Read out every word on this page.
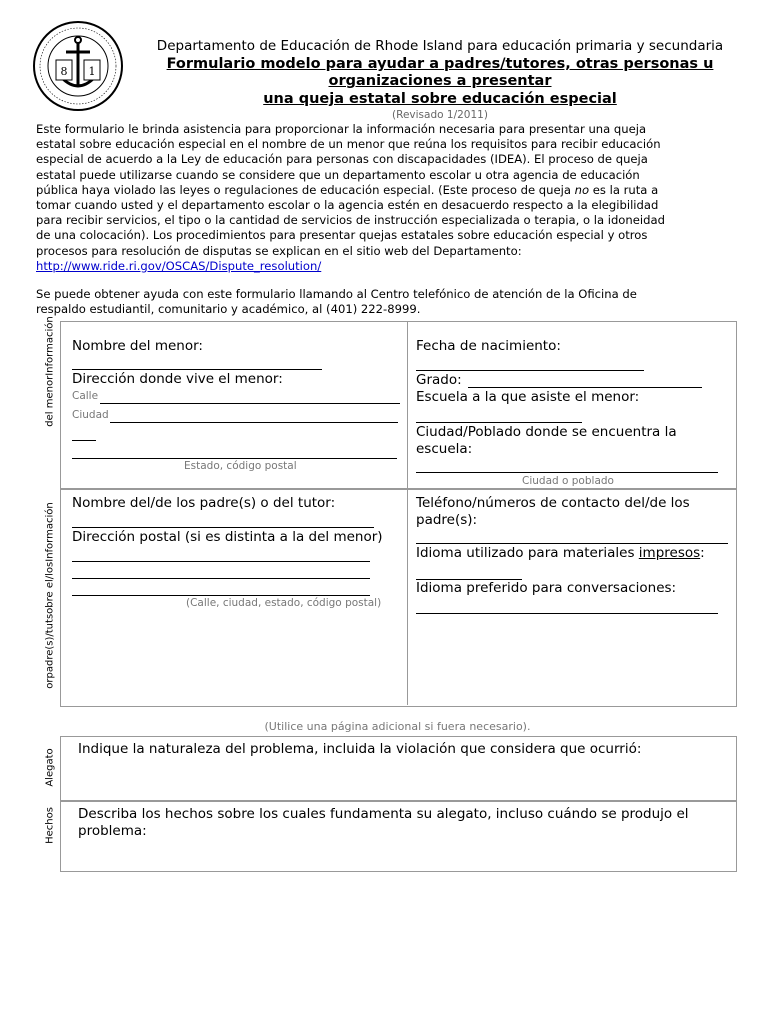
8 1
Departamento de Educación de Rhode Island para educación primaria y secundaria
Formulario modelo para ayudar a padres/tutores, otras personas u
organizaciones a presentar
una queja estatal sobre educación especial
(Revisado 1/2011)

Este formulario le brinda asistencia para proporcionar la información necesaria para presentar una queja

estatal sobre educación especial en el nombre de un menor que reúna los requisitos para recibir educación

especial de acuerdo a la Ley de educación para personas con discapacidades (IDEA). El proceso de queja

estatal puede utilizarse cuando se considere que un departamento escolar u otra agencia de educación

pública haya violado las leyes o regulaciones de educación especial. (Este proceso de queja no es la ruta a

tomar cuando usted y el departamento escolar o la agencia estén en desacuerdo respecto a la elegibilidad

para recibir servicios, el tipo o la cantidad de servicios de instrucción especializada o terapia, o la idoneidad

de una colocación). Los procedimientos para presentar quejas estatales sobre educación especial y otros

procesos para resolución de disputas se explican en el sitio web del Departamento:

http://www.ride.ri.gov/OSCAS/Dispute_resolution/

Se puede obtener ayuda con este formulario llamando al Centro telefónico de atención de la Oficina de

respaldo estudiantil, comunitario y académico, al (401) 222-8999.

del menorInformación Nombre del menor:
Dirección donde vive el menor:
Calle
Ciudad
Estado, código postal
Fecha de nacimiento:
Grado:
Escuela a la que asiste el menor:
Ciudad/Poblado donde se encuentra la escuela:
Ciudad o poblado
orpadre(s)/tutsobre el/losInformación Nombre del/de los padre(s) o del tutor:
Dirección postal (si es distinta a la del menor)
(Calle, ciudad, estado, código postal)
Teléfono/números de contacto del/de los padre(s):
Idioma utilizado para materiales impresos:
Idioma preferido para conversaciones:
(Utilice una página adicional si fuera necesario).
Alegato Indique la naturaleza del problema, incluida la violación que considera que ocurrió:
Hechos Describa los hechos sobre los cuales fundamenta su alegato, incluso cuándo se produjo el
problema:
